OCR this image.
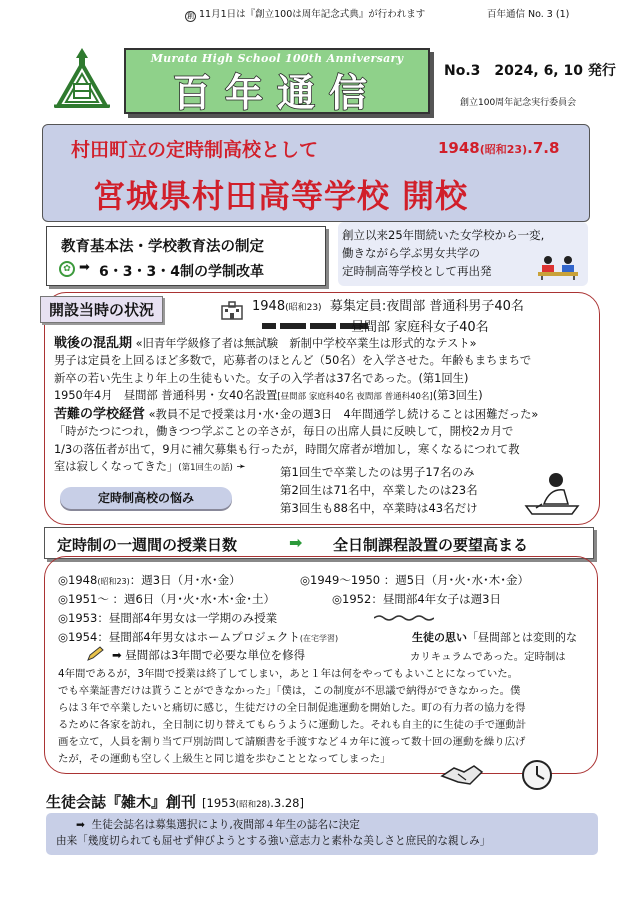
創 11月1日は『創立100は周年記念式典』が行われます	百年通信 No. 3 (1)
Murata High School 100th Anniversary
百年通信	No.3 2024, 6, 10 発行
創立100周年記念実行委員会
村田町立の定時制高校として	1948(昭和23).7.8
宮城県村田高等学校 開校
教育基本法・学校教育法の制定
✿ ➡ 6・3・3・4制の学制改革

創立以来25年間続いた女学校から一変,
働きながら学ぶ男女共学の
定時制高等学校として再出発

開設当時の状況	1948(昭和23) 募集定員:夜間部 普通科男子40名
昼間部 家庭科女子40名

戦後の混乱期 «旧青年学級修了者は無試験　新制中学校卒業生は形式的なテスト»

男子は定員を上回るほど多数で，応募者のほとんど（50名）を入学させた。年齢もまちまちで

新卒の若い先生より年上の生徒もいた。女子の入学者は37名であった。(第1回生)

1950年4月　昼間部 普通科男・女40名設置[昼間部 家庭科40名 夜間部 普通科40名](第3回生)

苦難の学校経営 «教員不足で授業は月･水･金の週3日　4年間通学し続けることは困難だった»

「時がたつにつれ，働きつつ学ぶことの辛さが，毎日の出席人員に反映して，開校2カ月で

1/3の落伍者が出て，9月に補欠募集も行ったが，時間欠席者が増加し，寒くなるにつれて教

室は寂しくなってきた」(第1回生の話) ➛	第1回生で卒業したのは男子17名のみ
第2回生は71名中，卒業したのは23名
第3回生も88名中，卒業時は43名だけ
定時制高校の悩み
定時制の一週間の授業日数	➡ 全日制課程設置の要望高まる
◎1948(昭和23)：週3日（月･水･金）	◎1949～1950 ：週5日（月･火･水･木･金）
◎1951～ ：週6日（月･火･水･木･金･土）	◎1952：昼間部4年女子は週3日
◎1953：昼間部4年男女は一学期のみ授業
◎1954：昼間部4年男女はホームプロジェクト(在宅学習)	生徒の思い「昼間部とは変則的な
➡ 昼間部は3年間で必要な単位を修得	カリキュラムであった。定時制は
4年間であるが，3年間で授業は終了してしまい，あと１年は何をやってもよいことになっていた。
でも卒業証書だけは貰うことができなかった」「僕は，この制度が不思議で納得ができなかった。僕
らは３年で卒業したいと痛切に感じ，生徒だけの全日制促進運動を開始した。町の有力者の協力を得
るために各家を訪れ，全日制に切り替えてもらうように運動した。それも自主的に生徒の手で運動計
画を立て，人員を割り当て戸別訪問して請願書を手渡すなど４カ年に渡って数十回の運動を繰り広げ
たが，その運動も空しく上級生と同じ道を歩むこととなってしまった」
生徒会誌『雑木』創刊 [1953(昭和28).3.28]
➡ 生徒会誌名は募集選択により,夜間部４年生の誌名に決定
由来「幾度切られても屈せず伸びようとする強い意志力と素朴な美しさと庶民的な親しみ」
